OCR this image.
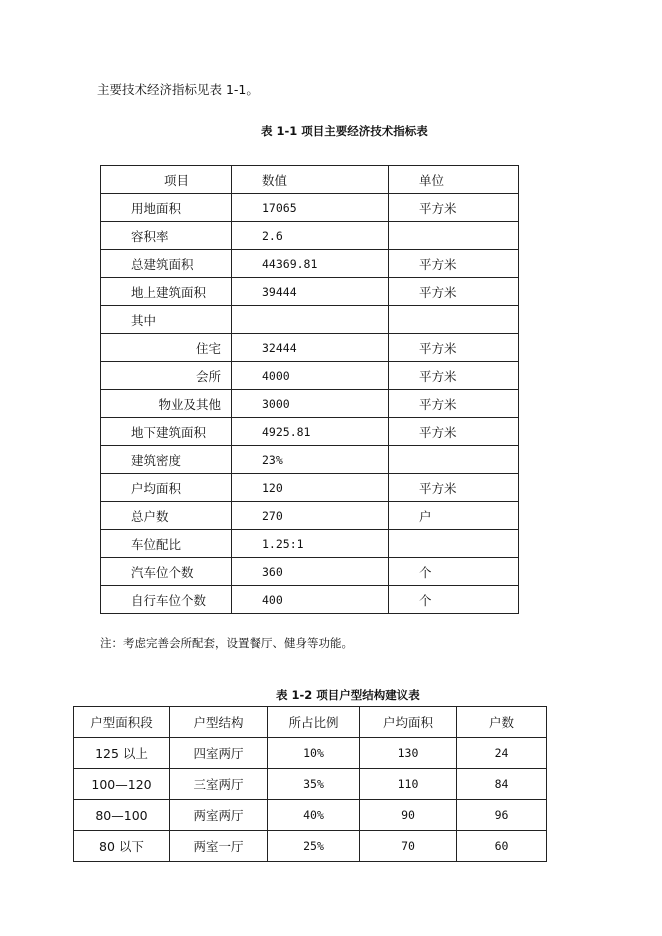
主要技术经济指标见表 1-1。
表 1-1 项目主要经济技术指标表
项目	数值	单位
用地面积	17065	平方米
容积率	2.6	
总建筑面积	44369.81	平方米
地上建筑面积	39444	平方米
其中		
住宅	32444	平方米
会所	4000	平方米
物业及其他	3000	平方米
地下建筑面积	4925.81	平方米
建筑密度	23%	
户均面积	120	平方米
总户数	270	户
车位配比	1.25:1	
汽车位个数	360	个
自行车位个数	400	个
注：考虑完善会所配套，设置餐厅、健身等功能。
表 1-2 项目户型结构建议表
户型面积段	户型结构	所占比例	户均面积	户数
125 以上	四室两厅	10%	130	24
100—120	三室两厅	35%	110	84
80—100	两室两厅	40%	90	96
80 以下	两室一厅	25%	70	60
